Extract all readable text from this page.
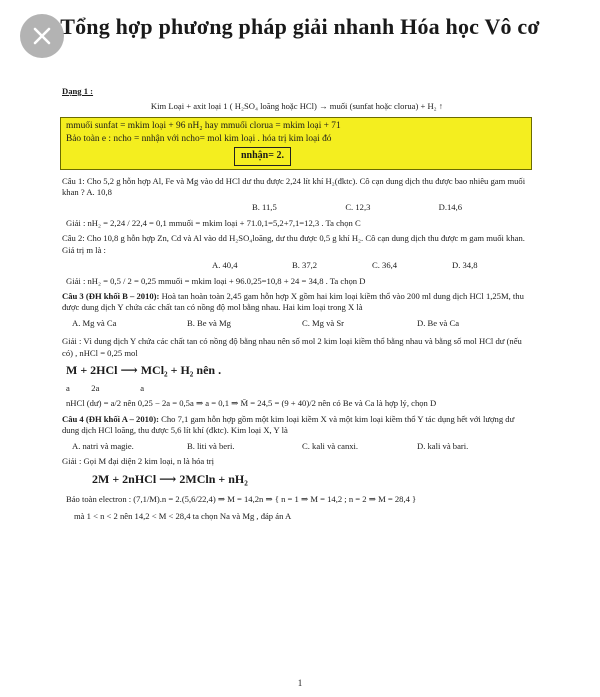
Tổng hợp phương pháp giải nhanh Hóa học Vô cơ
Dạng 1 :
Kim Loại + axit loại 1 ( H₂SO₄ loãng hoặc HCl) → muối (sunfat hoặc clorua) + H₂ ↑
mmuối sunfat = mkim loại + 96 nH₂ hay mmuối clorua = mkim loại + 71
Bảo toàn e : ncho = nnhận với ncho= mol kim loại . hóa trị kim loại đó
nnhận= 2.
Câu 1: Cho 5,2 g hỗn hợp Al, Fe và Mg vào dd HCl dư thu được 2,24 lít khí H₂(đktc). Cô cạn dung dịch thu được bao nhiêu gam muối khan ? A. 10,8
B. 11,5	C. 12,3	D.14,6
Giải : nH₂ = 2,24 / 22,4 = 0,1 mmuối = mkim loại + 71.0,1=5,2+7,1=12,3 . Ta chọn C
Câu 2: Cho 10,8 g hỗn hợp Zn, Cd và Al vào dd H₂SO₄loãng, dư thu được 0,5 g khí H₂. Cô cạn dung dịch thu được m gam muối khan. Giá trị m là :
A. 40,4	B. 37,2	C. 36,4	D. 34,8
Giải : nH₂ = 0,5 / 2 = 0,25 mmuối = mkim loại + 96.0,25=10,8 + 24 = 34,8 . Ta chọn D
Câu 3 (ĐH khối B – 2010): Hoà tan hoàn toàn 2,45 gam hỗn hợp X gồm hai kim loại kiềm thổ vào 200 ml dung dịch HCl 1,25M, thu được dung dịch Y chứa các chất tan có nồng độ mol bằng nhau. Hai kim loại trong X là
A. Mg và Ca	B. Be và Mg	C. Mg và Sr	D. Be và Ca
Giải : Vì dung dịch Y chứa các chất tan có nồng độ bằng nhau nên số mol 2 kim loại kiềm thổ bằng nhau và bằng số mol HCl dư (nếu có) , nHCl = 0,25 mol
M + 2HCl ⟶ MCl₂ + H₂ nên .
a          2a                   a
nHCl (dư) = a/2 nên 0,25 − 2a = 0,5a ⇒ a = 0,1 ⇒ M̄ = 24,5 = (9 + 40)/2 nên có Be và Ca là hợp lý, chọn D
Câu 4 (ĐH khối A – 2010): Cho 7,1 gam hỗn hợp gồm một kim loại kiềm X và một kim loại kiềm thổ Y tác dụng hết với lượng dư dung dịch HCl loãng, thu được 5,6 lít khí (đktc). Kim loại X, Y là
A. natri và magie.	B. liti và beri.	C. kali và canxi.	D. kali và bari.
Giải : Gọi M đại diện 2 kim loại, n là hóa trị
2M + 2nHCl ⟶ 2MCln + nH₂
Bảo toàn electron : (7,1/M).n = 2.(5,6/22,4) ⇒ M = 14,2n ⇒ { n = 1 ⇒ M = 14,2 ; n = 2 ⇒ M = 28,4 }
mà 1 < n < 2 nên 14,2 < M < 28,4 ta chọn Na và Mg , đáp án A
1
